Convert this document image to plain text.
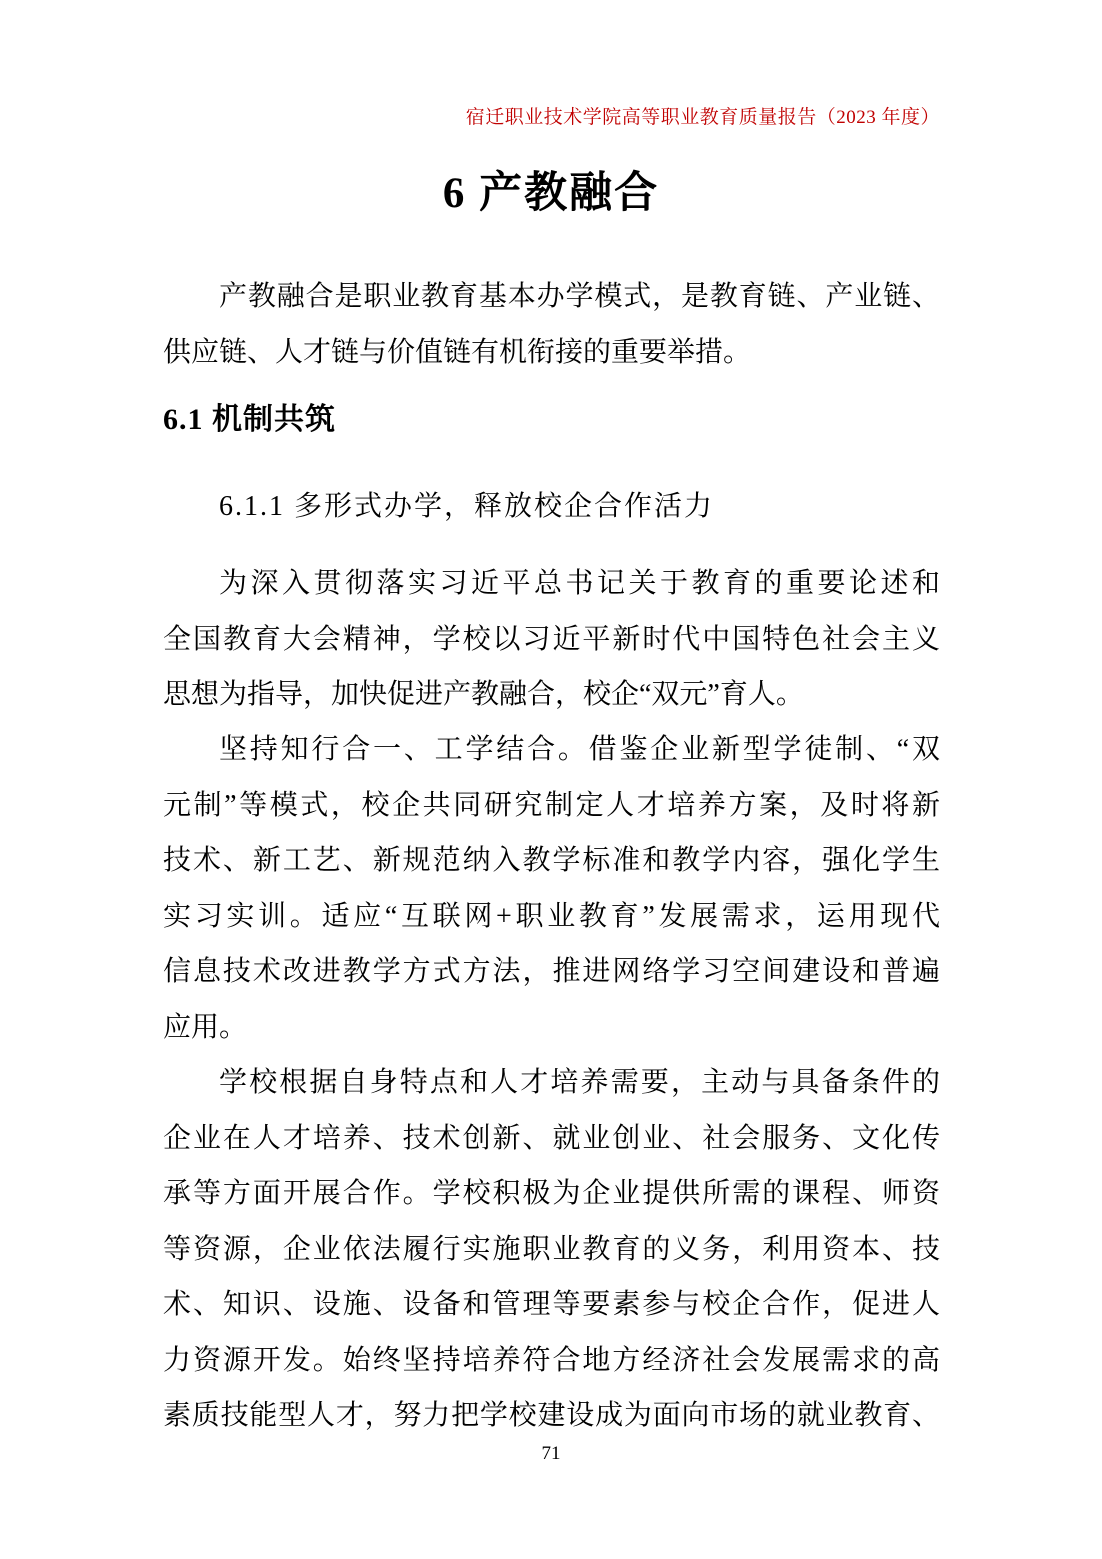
宿迁职业技术学院高等职业教育质量报告（2023 年度）
6 产教融合
产教融合是职业教育基本办学模式，是教育链、产业链、
供应链、人才链与价值链有机衔接的重要举措。
6.1 机制共筑
6.1.1 多形式办学，释放校企合作活力
为深入贯彻落实习近平总书记关于教育的重要论述和
全国教育大会精神，学校以习近平新时代中国特色社会主义
思想为指导，加快促进产教融合，校企“双元”育人。
坚持知行合一、工学结合。借鉴企业新型学徒制、“双
元制”等模式，校企共同研究制定人才培养方案，及时将新
技术、新工艺、新规范纳入教学标准和教学内容，强化学生
实习实训。适应“互联网+职业教育”发展需求，运用现代
信息技术改进教学方式方法，推进网络学习空间建设和普遍
应用。
学校根据自身特点和人才培养需要，主动与具备条件的
企业在人才培养、技术创新、就业创业、社会服务、文化传
承等方面开展合作。学校积极为企业提供所需的课程、师资
等资源，企业依法履行实施职业教育的义务，利用资本、技
术、知识、设施、设备和管理等要素参与校企合作，促进人
力资源开发。始终坚持培养符合地方经济社会发展需求的高
素质技能型人才，努力把学校建设成为面向市场的就业教育、
71
